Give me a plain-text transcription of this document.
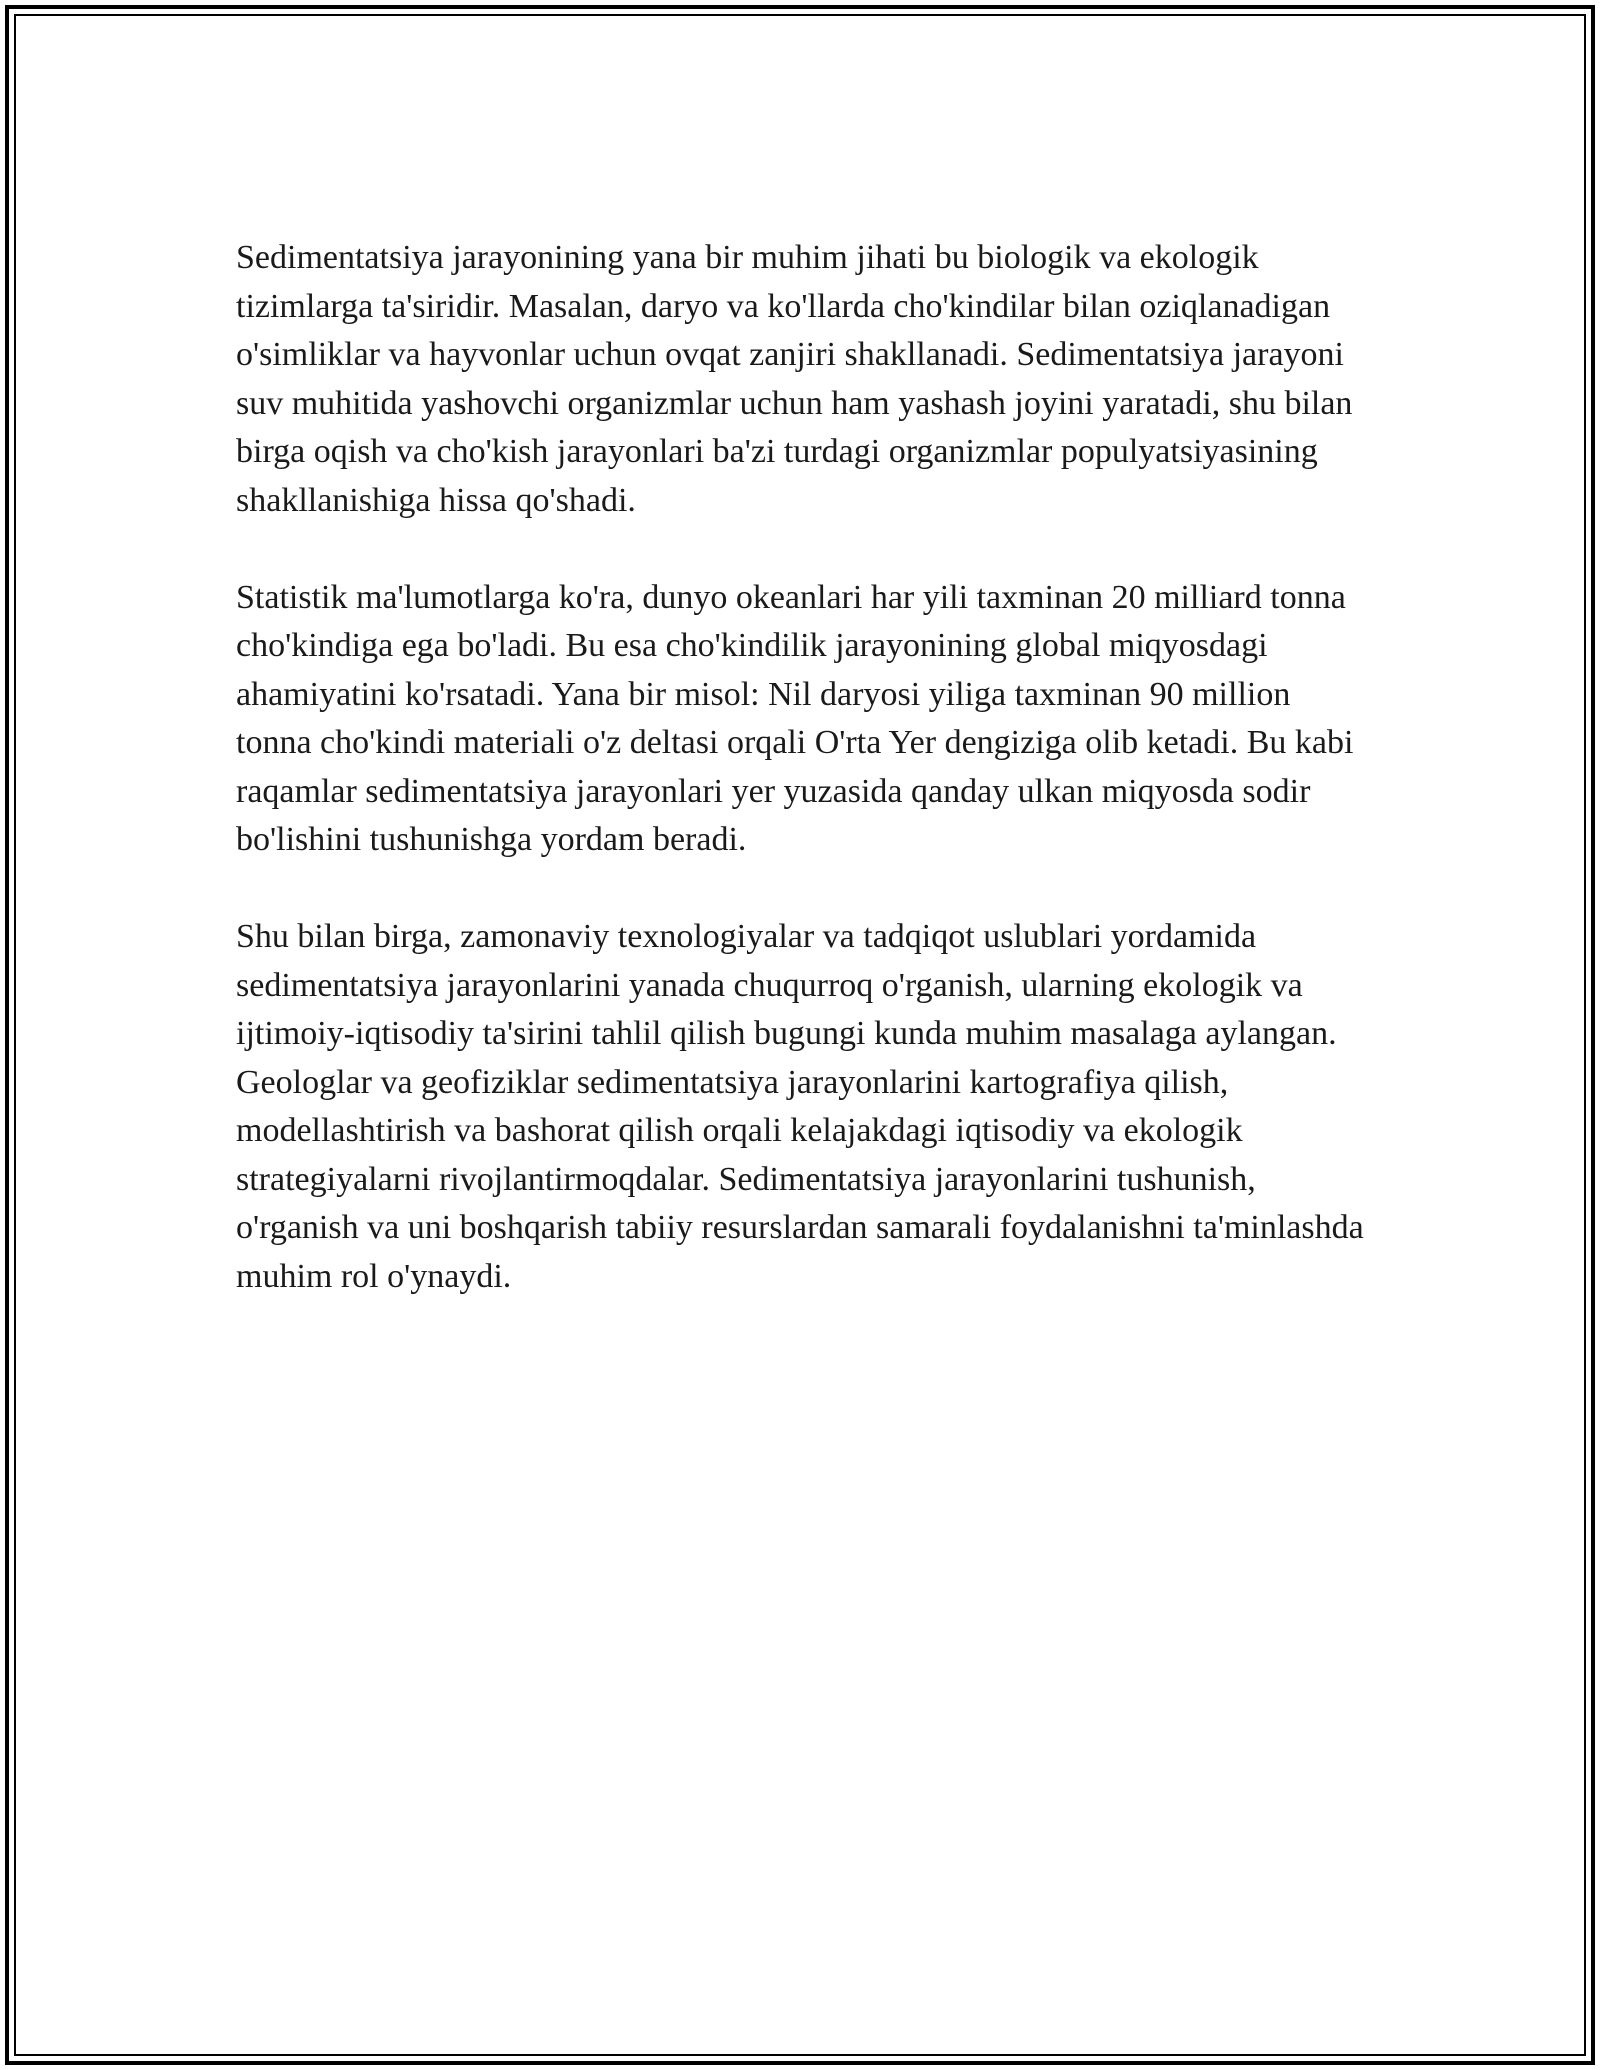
Sedimentatsiya jarayonining yana bir muhim jihati bu biologik va ekologik tizimlarga ta'siridir. Masalan, daryo va ko'llarda cho'kindilar bilan oziqlanadigan o'simliklar va hayvonlar uchun ovqat zanjiri shakllanadi. Sedimentatsiya jarayoni suv muhitida yashovchi organizmlar uchun ham yashash joyini yaratadi, shu bilan birga oqish va cho'kish jarayonlari ba'zi turdagi organizmlar populyatsiyasining shakllanishiga hissa qo'shadi.

Statistik ma'lumotlarga ko'ra, dunyo okeanlari har yili taxminan 20 milliard tonna cho'kindiga ega bo'ladi. Bu esa cho'kindilik jarayonining global miqyosdagi ahamiyatini ko'rsatadi. Yana bir misol: Nil daryosi yiliga taxminan 90 million tonna cho'kindi materiali o'z deltasi orqali O'rta Yer dengiziga olib ketadi. Bu kabi raqamlar sedimentatsiya jarayonlari yer yuzasida qanday ulkan miqyosda sodir bo'lishini tushunishga yordam beradi.

Shu bilan birga, zamonaviy texnologiyalar va tadqiqot uslublari yordamida sedimentatsiya jarayonlarini yanada chuqurroq o'rganish, ularning ekologik va ijtimoiy-iqtisodiy ta'sirini tahlil qilish bugungi kunda muhim masalaga aylangan. Geologlar va geofiziklar sedimentatsiya jarayonlarini kartografiya qilish, modellashtirish va bashorat qilish orqali kelajakdagi iqtisodiy va ekologik strategiyalarni rivojlantirmoqdalar. Sedimentatsiya jarayonlarini tushunish, o'rganish va uni boshqarish tabiiy resurslardan samarali foydalanishni ta'minlashda muhim rol o'ynaydi.
